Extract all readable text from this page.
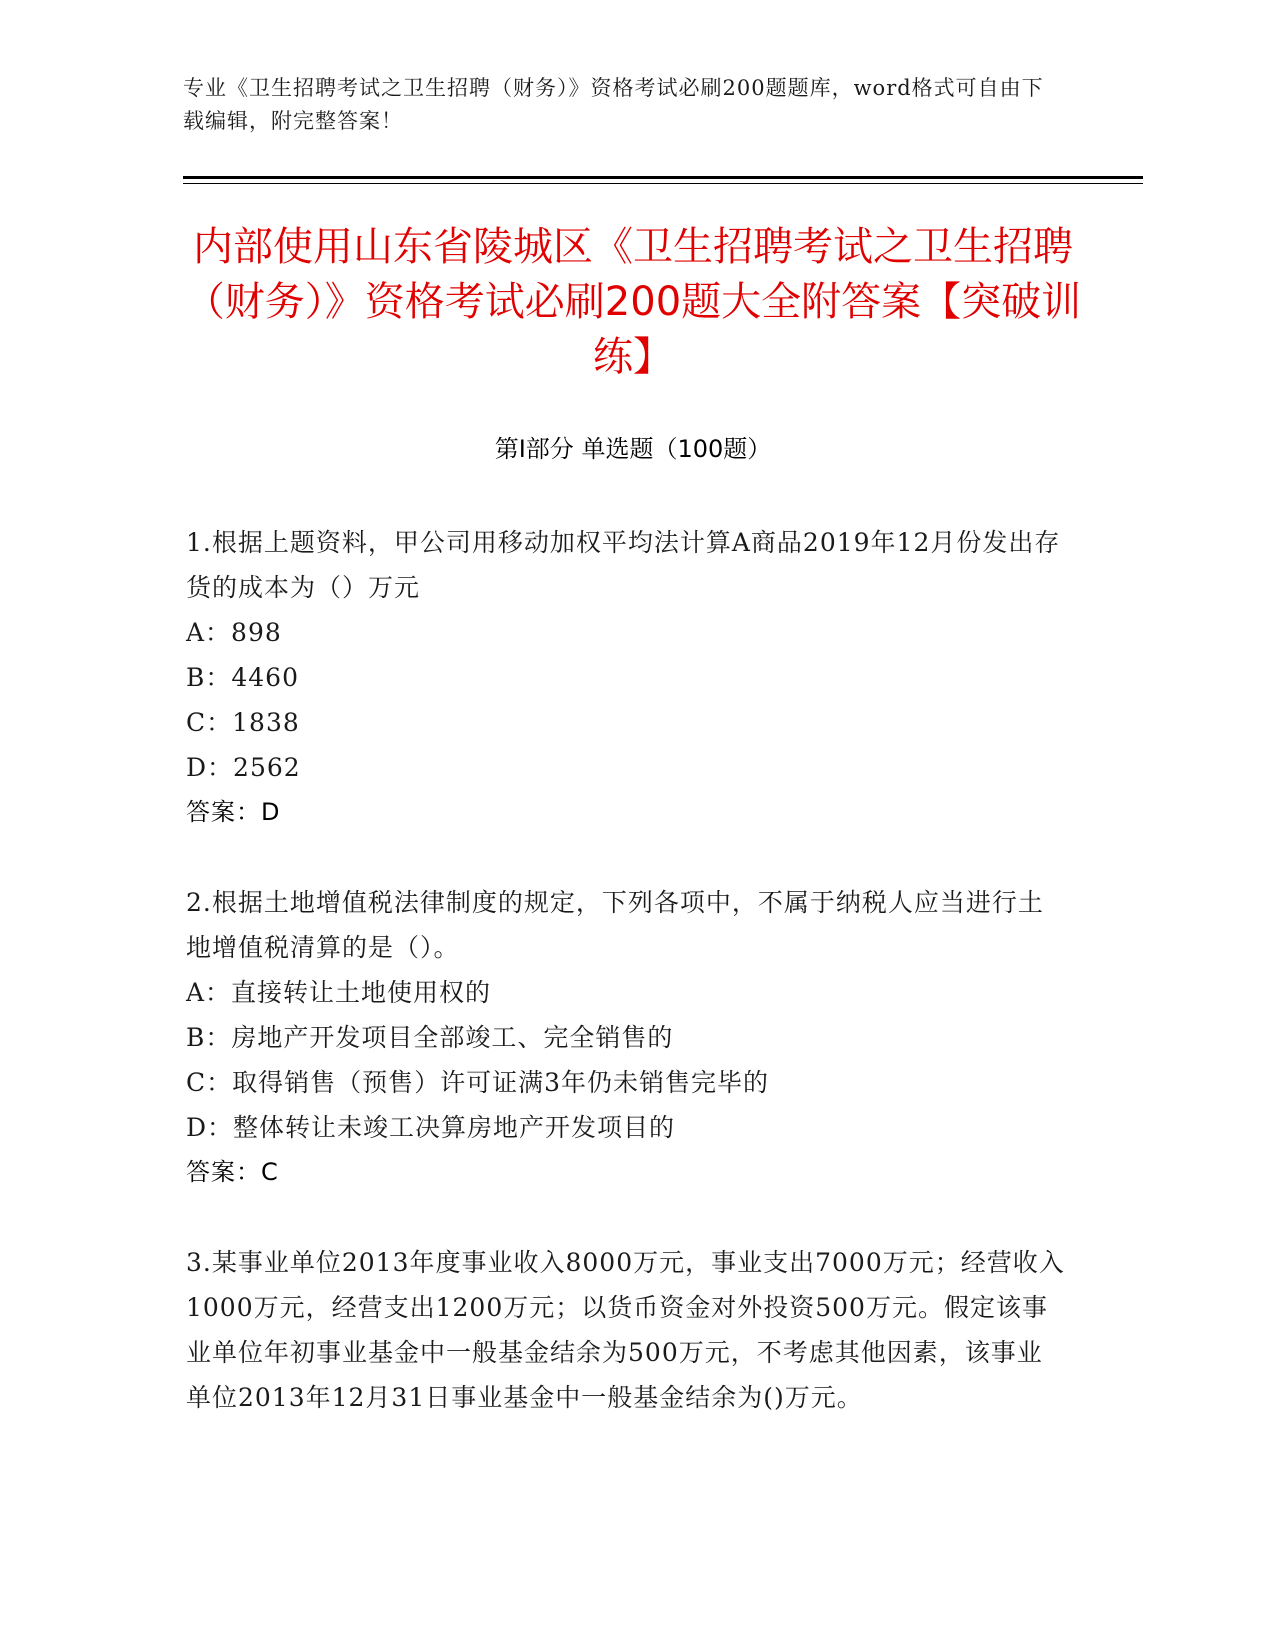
专业《卫生招聘考试之卫生招聘（财务）》资格考试必刷200题题库，word格式可自由下载编辑，附完整答案！
内部使用山东省陵城区《卫生招聘考试之卫生招聘（财务）》资格考试必刷200题大全附答案【突破训练】
第Ⅰ部分 单选题（100题）

1.根据上题资料，甲公司用移动加权平均法计算A商品2019年12月份发出存货的成本为（）万元

A：898

B：4460

C：1838

D：2562

答案：D

2.根据土地增值税法律制度的规定，下列各项中，不属于纳税人应当进行土地增值税清算的是（）。

A：直接转让土地使用权的

B：房地产开发项目全部竣工、完全销售的

C：取得销售（预售）许可证满3年仍未销售完毕的

D：整体转让未竣工决算房地产开发项目的

答案：C

3.某事业单位2013年度事业收入8000万元，事业支出7000万元；经营收入1000万元，经营支出1200万元；以货币资金对外投资500万元。假定该事业单位年初事业基金中一般基金结余为500万元，不考虑其他因素，该事业单位2013年12月31日事业基金中一般基金结余为()万元。
